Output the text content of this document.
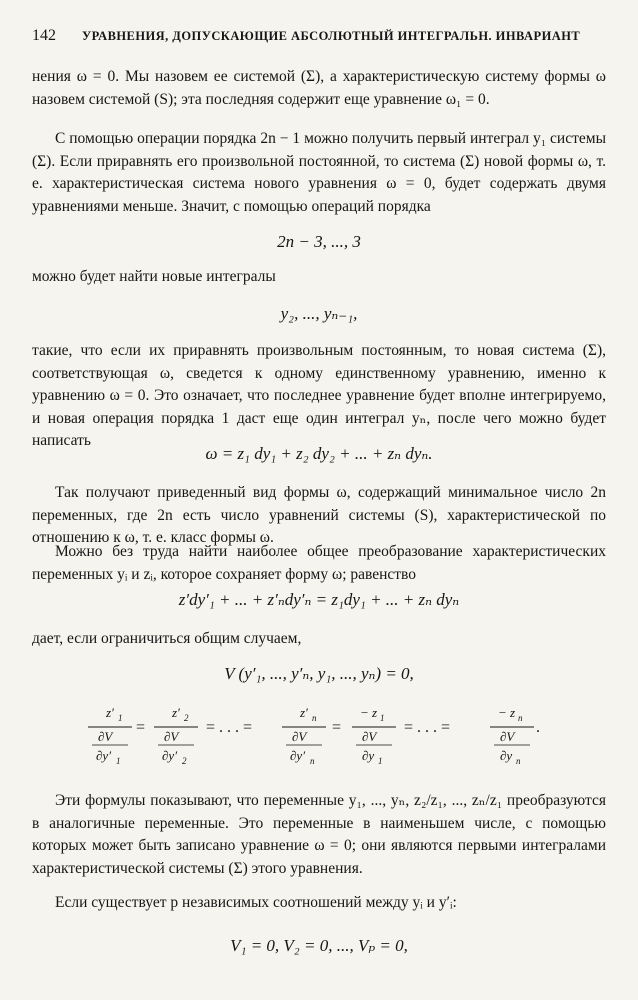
142 УРАВНЕНИЯ, ДОПУСКАЮЩИЕ АБСОЛЮТНЫЙ ИНТЕГРАЛЬН. ИНВАРИАНТ

нения ω = 0. Мы назовем ее системой (Σ), а характеристическую систему формы ω назовем системой (S); эта последняя содержит еще уравнение ω₁ = 0.

С помощью операции порядка 2n − 1 можно получить первый интеграл y₁ системы (Σ). Если приравнять его произвольной постоянной, то система (Σ) новой формы ω, т. е. характеристическая система нового уравнения ω = 0, будет содержать двумя уравнениями меньше. Значит, с помощью операций порядка

2n − 3, ..., 3

можно будет найти новые интегралы

y₂, ..., yₙ₋₁,

такие, что если их приравнять произвольным постоянным, то новая система (Σ), соответствующая ω, сведется к одному единственному уравнению, именно к уравнению ω = 0. Это означает, что последнее уравнение будет вполне интегрируемо, и новая операция порядка 1 даст еще один интеграл yₙ, после чего можно будет написать

ω = z₁ dy₁ + z₂ dy₂ + ... + zₙ dyₙ.

Так получают приведенный вид формы ω, содержащий минимальное число 2n переменных, где 2n есть число уравнений системы (S), характеристической по отношению к ω, т. е. класс формы ω.

Можно без труда найти наиболее общее преобразование характеристических переменных yᵢ и zᵢ, которое сохраняет форму ω; равенство

z′dy′₁ + ... + z′ₙdy′ₙ = z₁dy₁ + ... + zₙ dyₙ

дает, если ограничиться общим случаем,

V (y′₁, ..., y′ₙ, y₁, ..., yₙ) = 0,

z′ 1
∂V
∂y′ 1
=
z′ 2
∂V
∂y′ 2
= . . . =
z′ n
∂V
∂y′ n
=
− z 1
∂V
∂y 1
= . . . =
− z n
∂V
∂y n
.

Эти формулы показывают, что переменные y₁, ..., yₙ, z₂/z₁, ..., zₙ/z₁ преобразуются в аналогичные переменные. Это переменные в наименьшем числе, с помощью которых может быть записано уравнение ω = 0; они являются первыми интегралами характеристической системы (Σ) этого уравнения.

Если существует p независимых соотношений между yᵢ и y′ᵢ:

V₁ = 0, V₂ = 0, ..., Vₚ = 0,
